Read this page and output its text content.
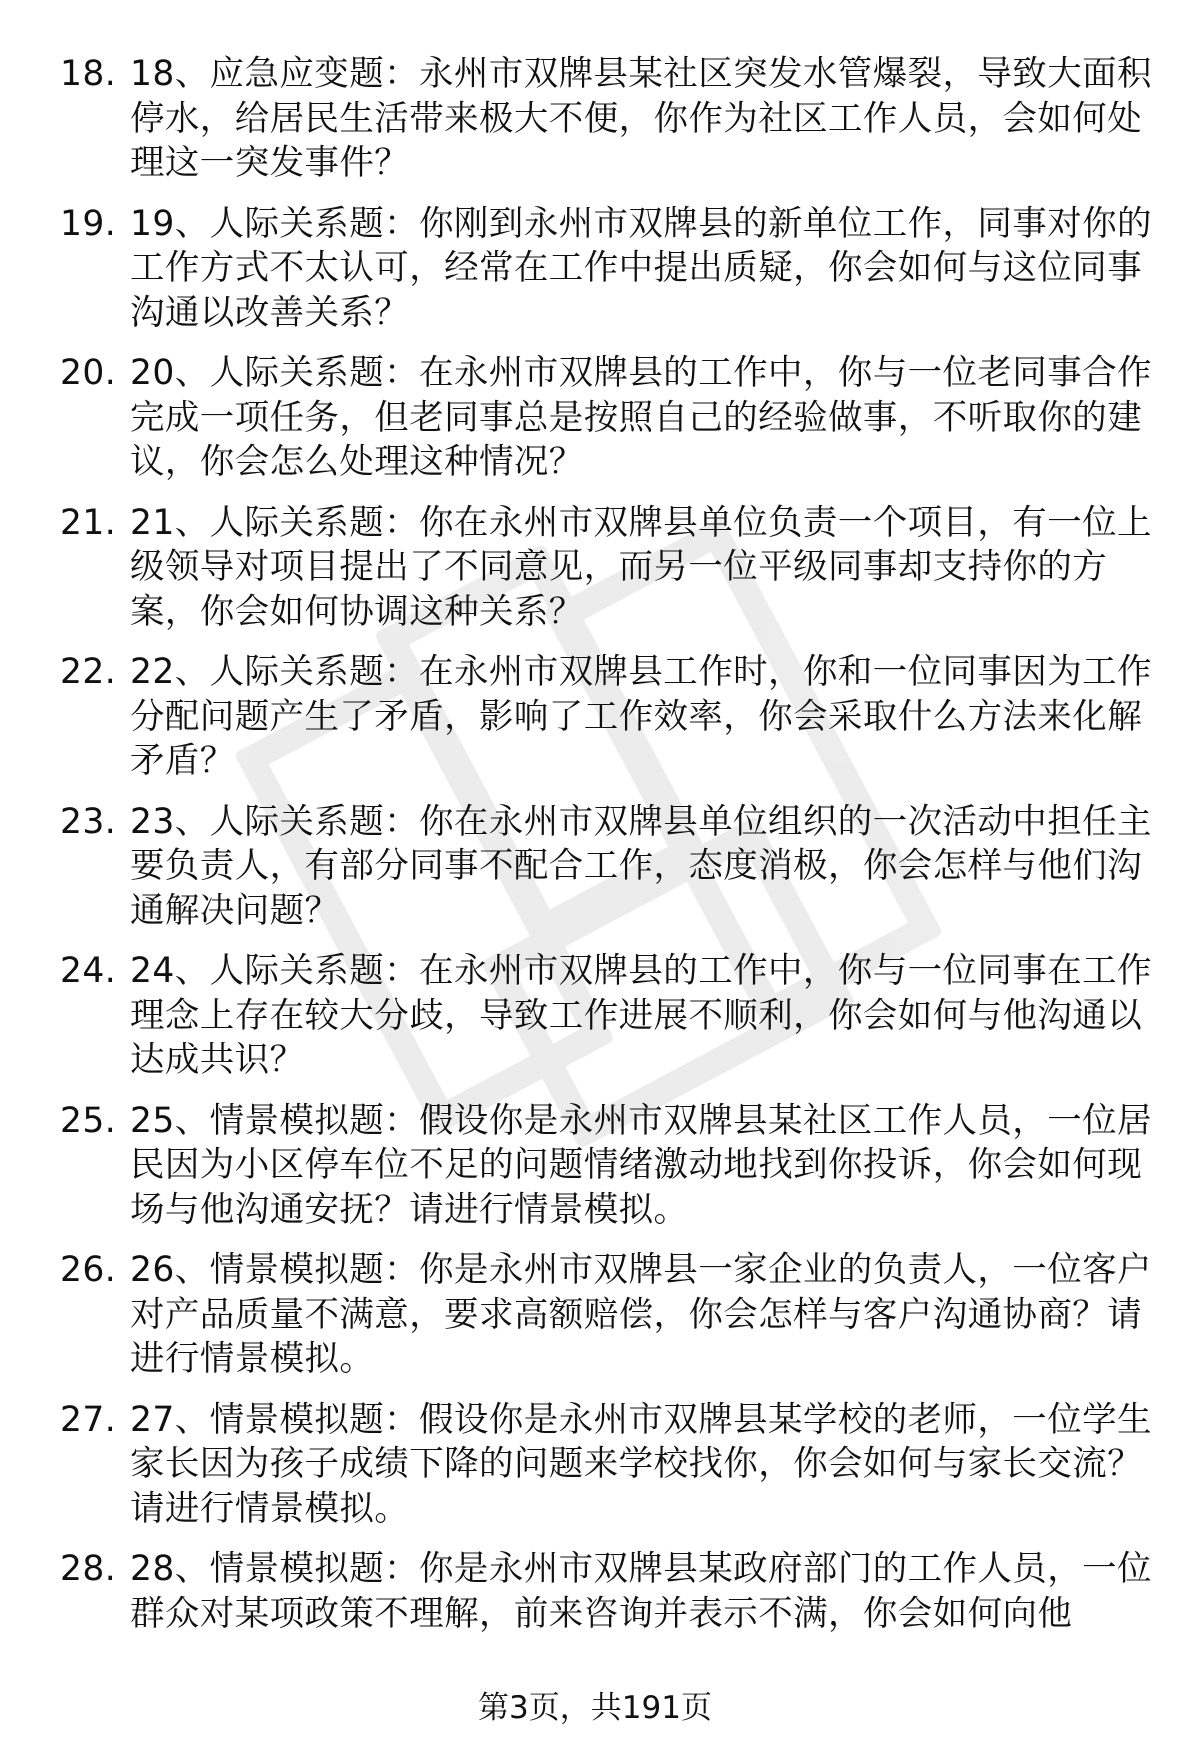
18. 18、应急应变题：永州市双牌县某社区突发水管爆裂，导致大面积停水，给居民生活带来极大不便，你作为社区工作人员，会如何处理这一突发事件？
19. 19、人际关系题：你刚到永州市双牌县的新单位工作，同事对你的工作方式不太认可，经常在工作中提出质疑，你会如何与这位同事沟通以改善关系？
20. 20、人际关系题：在永州市双牌县的工作中，你与一位老同事合作完成一项任务，但老同事总是按照自己的经验做事，不听取你的建议，你会怎么处理这种情况？
21. 21、人际关系题：你在永州市双牌县单位负责一个项目，有一位上级领导对项目提出了不同意见，而另一位平级同事却支持你的方案，你会如何协调这种关系？
22. 22、人际关系题：在永州市双牌县工作时，你和一位同事因为工作分配问题产生了矛盾，影响了工作效率，你会采取什么方法来化解矛盾？
23. 23、人际关系题：你在永州市双牌县单位组织的一次活动中担任主要负责人，有部分同事不配合工作，态度消极，你会怎样与他们沟通解决问题？
24. 24、人际关系题：在永州市双牌县的工作中，你与一位同事在工作理念上存在较大分歧，导致工作进展不顺利，你会如何与他沟通以达成共识？
25. 25、情景模拟题：假设你是永州市双牌县某社区工作人员，一位居民因为小区停车位不足的问题情绪激动地找到你投诉，你会如何现场与他沟通安抚？请进行情景模拟。
26. 26、情景模拟题：你是永州市双牌县一家企业的负责人，一位客户对产品质量不满意，要求高额赔偿，你会怎样与客户沟通协商？请进行情景模拟。
27. 27、情景模拟题：假设你是永州市双牌县某学校的老师，一位学生家长因为孩子成绩下降的问题来学校找你，你会如何与家长交流？请进行情景模拟。
28. 28、情景模拟题：你是永州市双牌县某政府部门的工作人员，一位群众对某项政策不理解，前来咨询并表示不满，你会如何向他
第3页，共191页
